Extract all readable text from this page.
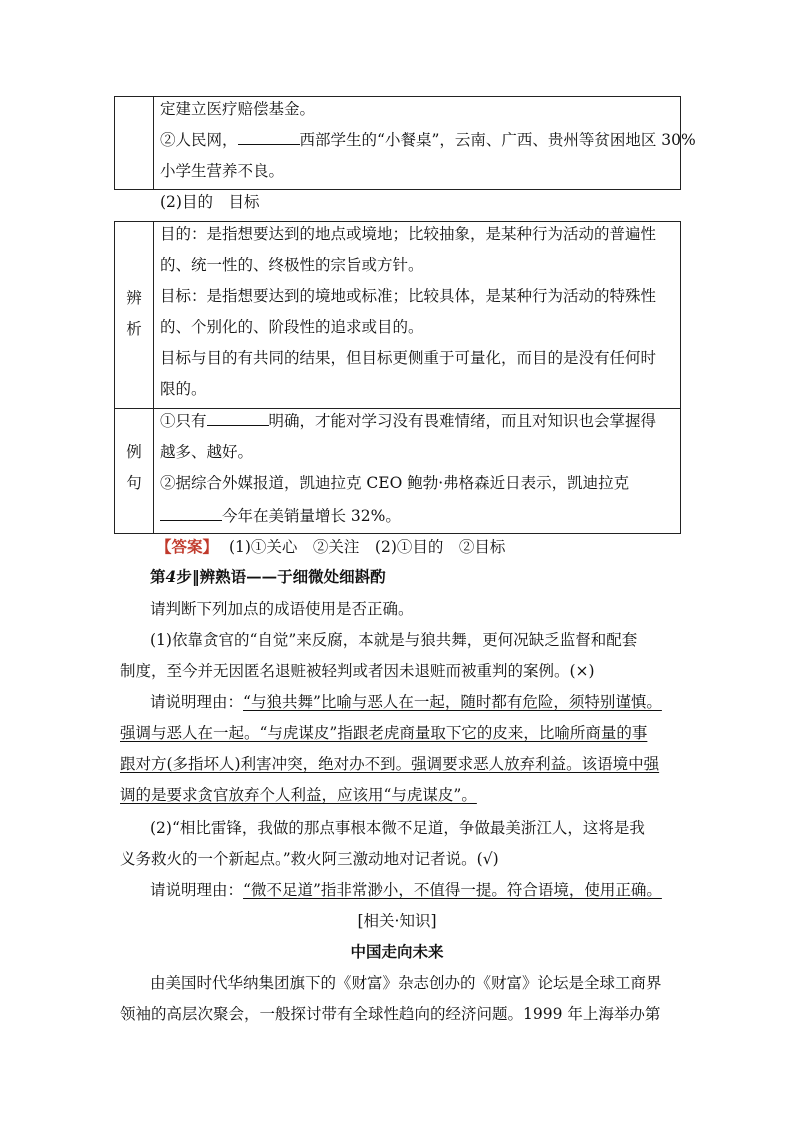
定建立医疗赔偿基金。
②人民网，	西部学生的“小餐桌”，云南、广西、贵州等贫困地区 30%
小学生营养不良。
(2)目的　目标
辨
析
目的：是指想要达到的地点或境地；比较抽象，是某种行为活动的普遍性
的、统一性的、终极性的宗旨或方针。
目标：是指想要达到的境地或标准；比较具体，是某种行为活动的特殊性
的、个别化的、阶段性的追求或目的。
目标与目的有共同的结果，但目标更侧重于可量化，而目的是没有任何时
限的。
例
句
①只有	明确，才能对学习没有畏难情绪，而且对知识也会掌握得
越多、越好。
②据综合外媒报道，凯迪拉克 CEO 鲍勃·弗格森近日表示，凯迪拉克
今年在美销量增长 32%。
【答案】 (1)①关心　②关注　(2)①目的　②目标
第4步‖辨熟语——于细微处细斟酌
请判断下列加点的成语使用是否正确。
(1)依靠贪官的“自觉”来反腐，本就是与狼共舞，更何况缺乏监督和配套
制度，至今并无因匿名退赃被轻判或者因未退赃而被重判的案例。(×)
请说明理由：“与狼共舞”比喻与恶人在一起，随时都有危险，须特别谨慎。
强调与恶人在一起。“与虎谋皮”指跟老虎商量取下它的皮来，比喻所商量的事
跟对方(多指坏人)利害冲突，绝对办不到。强调要求恶人放弃利益。该语境中强
调的是要求贪官放弃个人利益，应该用“与虎谋皮”。
(2)“相比雷锋，我做的那点事根本微不足道，争做最美浙江人，这将是我
义务救火的一个新起点。”救火阿三激动地对记者说。(√)
请说明理由：“微不足道”指非常渺小，不值得一提。符合语境，使用正确。
[相关·知识]
中国走向未来
由美国时代华纳集团旗下的《财富》杂志创办的《财富》论坛是全球工商界
领袖的高层次聚会，一般探讨带有全球性趋向的经济问题。1999 年上海举办第
